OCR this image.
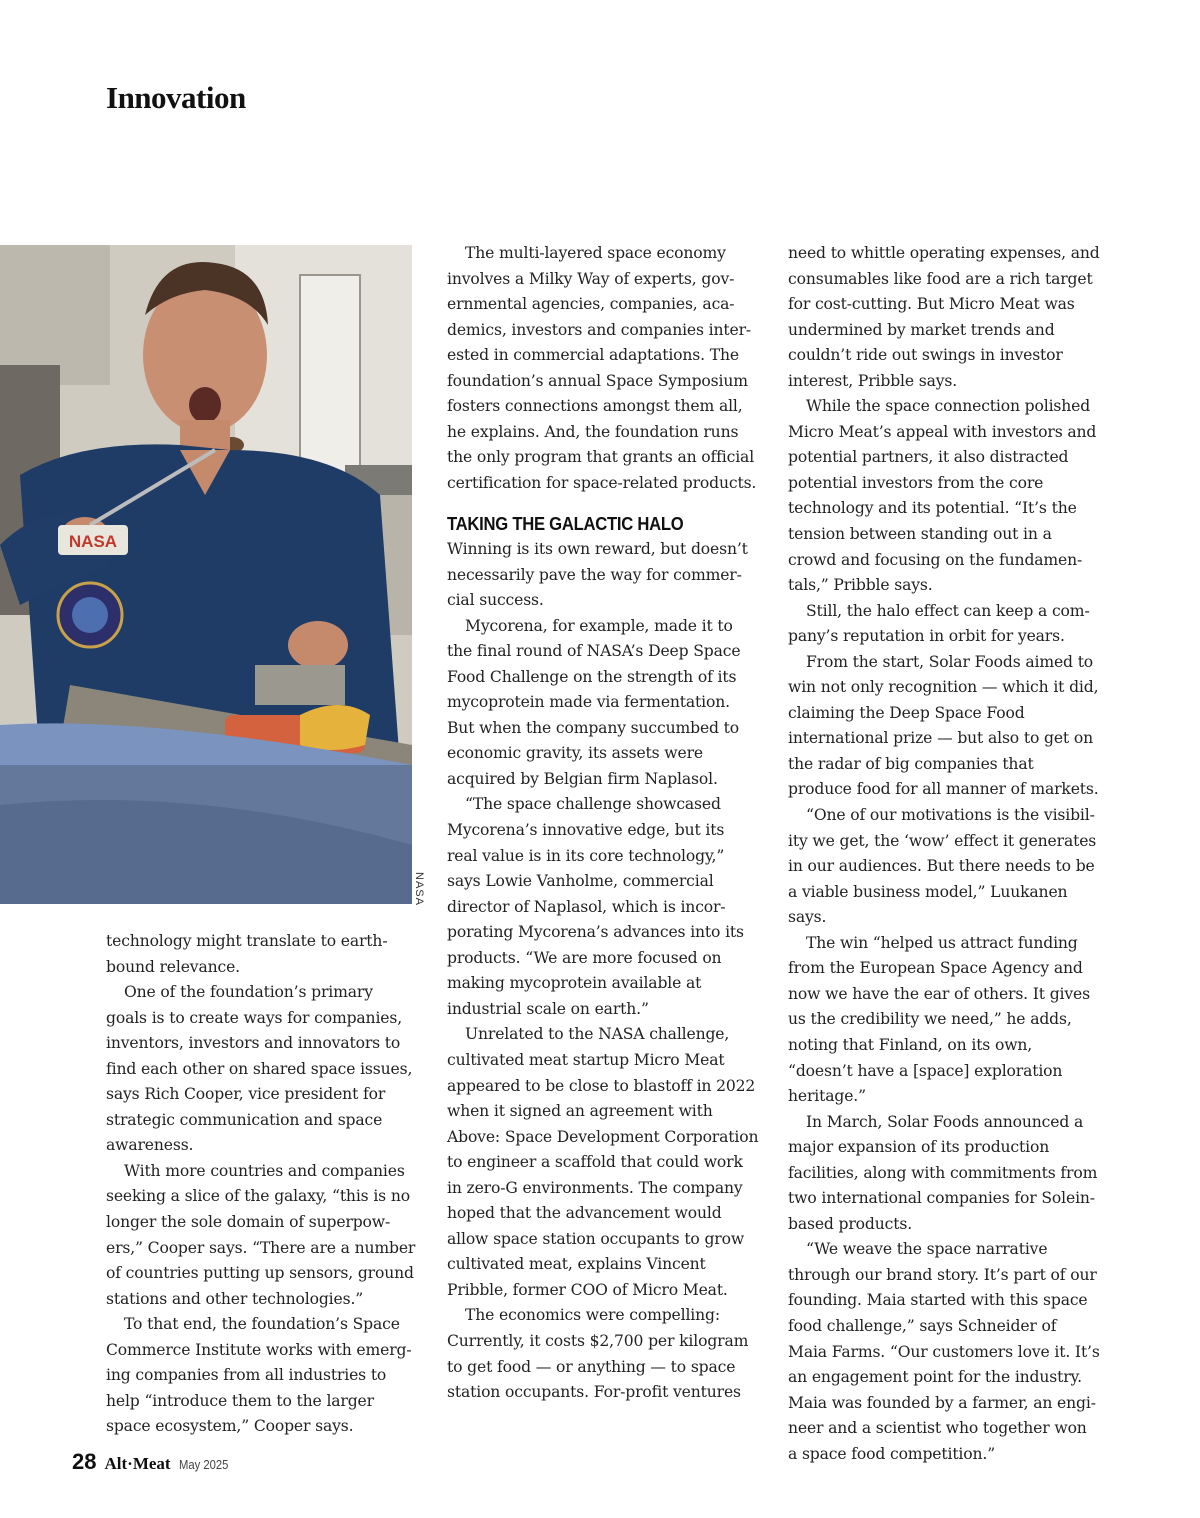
Innovation
NASA
NASA

technology might translate to earthbound relevance.

One of the foundation’s primary goals is to create ways for companies, inventors, investors and innovators to find each other on shared space issues, says Rich Cooper, vice president for strategic communication and space awareness.

With more countries and companies seeking a slice of the galaxy, “this is no longer the sole domain of superpowers,” Cooper says. “There are a number of countries putting up sensors, ground stations and other technologies.”

To that end, the foundation’s Space Commerce Institute works with emerging companies from all industries to help “introduce them to the larger space ecosystem,” Cooper says.

The multi-layered space economy involves a Milky Way of experts, governmental agencies, companies, academics, investors and companies interested in commercial adaptations. The foundation’s annual Space Symposium fosters connections amongst them all, he explains. And, the foundation runs the only program that grants an official certification for space-related products.

TAKING THE GALACTIC HALO

Winning is its own reward, but doesn’t necessarily pave the way for commercial success.

Mycorena, for example, made it to the final round of NASA’s Deep Space Food Challenge on the strength of its mycoprotein made via fermentation. But when the company succumbed to economic gravity, its assets were acquired by Belgian firm Naplasol.

“The space challenge showcased Mycorena’s innovative edge, but its real value is in its core technology,” says Lowie Vanholme, commercial director of Naplasol, which is incorporating Mycorena’s advances into its products. “We are more focused on making mycoprotein available at industrial scale on earth.”

Unrelated to the NASA challenge, cultivated meat startup Micro Meat appeared to be close to blastoff in 2022 when it signed an agreement with Above: Space Development Corporation to engineer a scaffold that could work in zero-G environments. The company hoped that the advancement would allow space station occupants to grow cultivated meat, explains Vincent Pribble, former COO of Micro Meat.

The economics were compelling: Currently, it costs $2,700 per kilogram to get food — or anything — to space station occupants. For-profit ventures

need to whittle operating expenses, and consumables like food are a rich target for cost-cutting. But Micro Meat was undermined by market trends and couldn’t ride out swings in investor interest, Pribble says.

While the space connection polished Micro Meat’s appeal with investors and potential partners, it also distracted potential investors from the core technology and its potential. “It’s the tension between standing out in a crowd and focusing on the fundamentals,” Pribble says.

Still, the halo effect can keep a company’s reputation in orbit for years.

From the start, Solar Foods aimed to win not only recognition — which it did, claiming the Deep Space Food international prize — but also to get on the radar of big companies that produce food for all manner of markets.

“One of our motivations is the visibility we get, the ‘wow’ effect it generates in our audiences. But there needs to be a viable business model,” Luukanen says.

The win “helped us attract funding from the European Space Agency and now we have the ear of others. It gives us the credibility we need,” he adds, noting that Finland, on its own, “doesn’t have a [space] exploration heritage.”

In March, Solar Foods announced a major expansion of its production facilities, along with commitments from two international companies for Solein-based products.

“We weave the space narrative through our brand story. It’s part of our founding. Maia started with this space food challenge,” says Schneider of Maia Farms. “Our customers love it. It’s an engagement point for the industry. Maia was founded by a farmer, an engineer and a scientist who together won a space food competition.”

28 Alt·Meat May 2025
